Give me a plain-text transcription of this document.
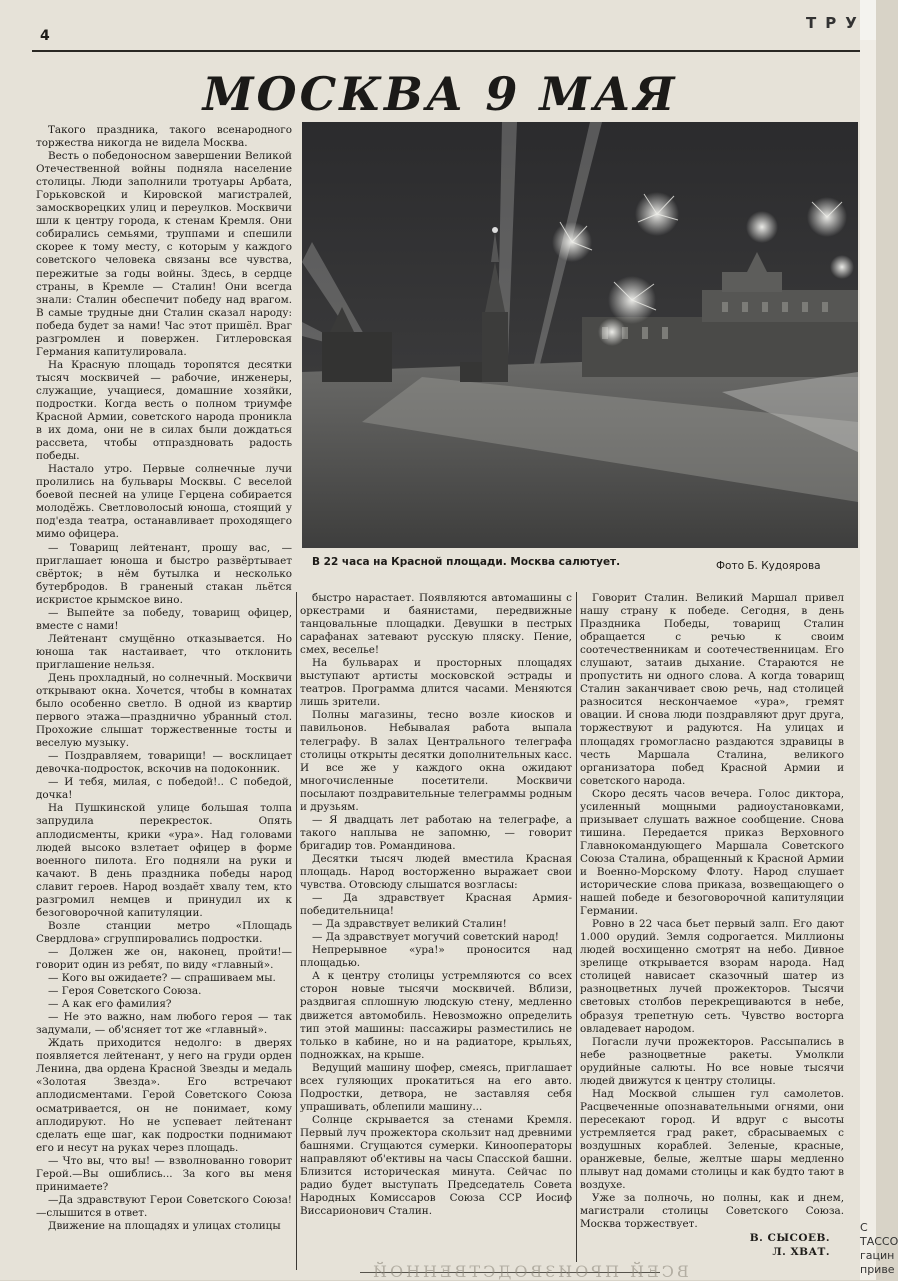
4
МОСКВА 9 МАЯ

Такого праздника, такого всенародного торжества никогда не видела Москва.

Весть о победоносном завершении Великой Отечественной войны подняла население столицы. Люди заполнили тротуары Арбата, Горьковской и Кировской магистралей, замоскворецких улиц и переулков. Москвичи шли к центру города, к стенам Кремля. Они собирались семьями, труппами и спешили скорее к тому месту, с которым у каждого советского человека связаны все чувства, пережитые за годы войны. Здесь, в сердце страны, в Кремле — Сталин! Они всегда знали: Сталин обеспечит победу над врагом. В самые трудные дни Сталин сказал народу: победа будет за нами! Час этот пришёл. Враг разгромлен и повержен. Гитлеровская Германия капитулировала.

На Красную площадь торопятся десятки тысяч москвичей — рабочие, инженеры, служащие, учащиеся, домашние хозяйки, подростки. Когда весть о полном триумфе Красной Армии, советского народа проникла в их дома, они не в силах были дождаться рассвета, чтобы отпраздновать радость победы.

Настало утро. Первые солнечные лучи пролились на бульвары Москвы. С веселой боевой песней на улице Герцена собирается молодёжь. Светловолосый юноша, стоящий у под'езда театра, останавливает проходящего мимо офицера.

— Товарищ лейтенант, прошу вас, — приглашает юноша и быстро развёртывает свёрток; в нём бутылка и несколько бутербродов. В граненый стакан льётся искристое крымское вино.

— Выпейте за победу, товарищ офицер, вместе с нами!

Лейтенант смущённо отказывается. Но юноша так настаивает, что отклонить приглашение нельзя.

День прохладный, но солнечный. Москвичи открывают окна. Хочется, чтобы в комнатах было особенно светло. В одной из квартир первого этажа—празднично убранный стол. Прохожие слышат торжественные тосты и веселую музыку.

— Поздравляем, товарищи! — восклицает девочка-подросток, вскочив на подоконник.

— И тебя, милая, с победой!.. С победой, дочка!

На Пушкинской улице большая толпа запрудила перекресток. Опять аплодисменты, крики «ура». Над головами людей высоко взлетает офицер в форме военного пилота. Его подняли на руки и качают. В день праздника победы народ славит героев. Народ воздаёт хвалу тем, кто разгромил немцев и принудил их к безоговорочной капитуляции.

Возле станции метро «Площадь Свердлова» сгруппировались подростки.

— Должен же он, наконец, пройти!—говорит один из ребят, по виду «главный».

— Кого вы ожидаете? — спрашиваем мы.

— Героя Советского Союза.

— А как его фамилия?

— Не это важно, нам любого героя — так задумали, — об'ясняет тот же «главный».

Ждать приходится недолго: в дверях появляется лейтенант, у него на груди орден Ленина, два ордена Красной Звезды и медаль «Золотая Звезда». Его встречают аплодисментами. Герой Советского Союза осматривается, он не понимает, кому аплодируют. Но не успевает лейтенант сделать еще шаг, как подростки поднимают его и несут на руках через площадь.

— Что вы, что вы! — взволнованно говорит Герой.—Вы ошиблись... За кого вы меня принимаете?

—Да здравствуют Герои Советского Союза!—слышится в ответ.

Движение на площадях и улицах столицы

В 22 часа на Красной площади. Москва салютует.	Фото Б. Кудоярова

быстро нарастает. Появляются автомашины с оркестрами и баянистами, передвижные танцовальные площадки. Девушки в пестрых сарафанах затевают русскую пляску. Пение, смех, веселье!

На бульварах и просторных площадях выступают артисты московской эстрады и театров. Программа длится часами. Меняются лишь зрители.

Полны магазины, тесно возле киосков и павильонов. Небывалая работа выпала телеграфу. В залах Центрального телеграфа столицы открыты десятки дополнительных касс. И все же у каждого окна ожидают многочисленные посетители. Москвичи посылают поздравительные телеграммы родным и друзьям.

— Я двадцать лет работаю на телеграфе, а такого наплыва не запомню, — говорит бригадир тов. Романдинова.

Десятки тысяч людей вместила Красная площадь. Народ восторженно выражает свои чувства. Отовсюду слышатся возгласы:

— Да здравствует Красная Армия-победительница!

— Да здравствует великий Сталин!

— Да здравствует могучий советский народ!

Непрерывное «ура!» проносится над площадью.

А к центру столицы устремляются со всех сторон новые тысячи москвичей. Вблизи, раздвигая сплошную людскую стену, медленно движется автомобиль. Невозможно определить тип этой машины: пассажиры разместились не только в кабине, но и на радиаторе, крыльях, подножках, на крыше.

Ведущий машину шофер, смеясь, приглашает всех гуляющих прокатиться на его авто. Подростки, детвора, не заставляя себя упрашивать, облепили машину...

Солнце скрывается за стенами Кремля. Первый луч прожектора скользит над древними башнями. Сгущаются сумерки. Кинооператоры направляют об'ективы на часы Спасской башни. Близится историческая минута. Сейчас по радио будет выступать Председатель Совета Народных Комиссаров Союза ССР Иосиф Виссарионович Сталин.

Говорит Сталин. Великий Маршал привел нашу страну к победе. Сегодня, в день Праздника Победы, товарищ Сталин обращается с речью к своим соотечественникам и соотечественницам. Его слушают, затаив дыхание. Стараются не пропустить ни одного слова. А когда товарищ Сталин заканчивает свою речь, над столицей разносится нескончаемое «ура», гремят овации. И снова люди поздравляют друг друга, торжествуют и радуются. На улицах и площадях громогласно раздаются здравицы в честь Маршала Сталина, великого организатора побед Красной Армии и советского народа.

Скоро десять часов вечера. Голос диктора, усиленный мощными радиоустановками, призывает слушать важное сообщение. Снова тишина. Передается приказ Верховного Главнокомандующего Маршала Советского Союза Сталина, обращенный к Красной Армии и Военно-Морскому Флоту. Народ слушает исторические слова приказа, возвещающего о нашей победе и безоговорочной капитуляции Германии.

Ровно в 22 часа бьет первый залп. Его дают 1.000 орудий. Земля содрогается. Миллионы людей восхищенно смотрят на небо. Дивное зрелище открывается взорам народа. Над столицей нависает сказочный шатер из разноцветных лучей прожекторов. Тысячи световых столбов перекрещиваются в небе, образуя трепетную сеть. Чувство восторга овладевает народом.

Погасли лучи прожекторов. Рассыпались в небе разноцветные ракеты. Умолкли орудийные салюты. Но все новые тысячи людей движутся к центру столицы.

Над Москвой слышен гул самолетов. Расцвеченные опознавательными огнями, они пересекают город. И вдруг с высоты устремляется град ракет, сбрасываемых с воздушных кораблей. Зеленые, красные, оранжевые, белые, желтые шары медленно плывут над домами столицы и как будто тают в воздухе.

Уже за полночь, но полны, как и днем, магистрали столицы Советского Союза. Москва торжествует.

В. СЫСОЕВ.
Л. ХВАТ.
ВСЕЙ ПРОИЗВОДСТВЕННОЙ
ТРУ
С
ТАССО
гацин
приве
